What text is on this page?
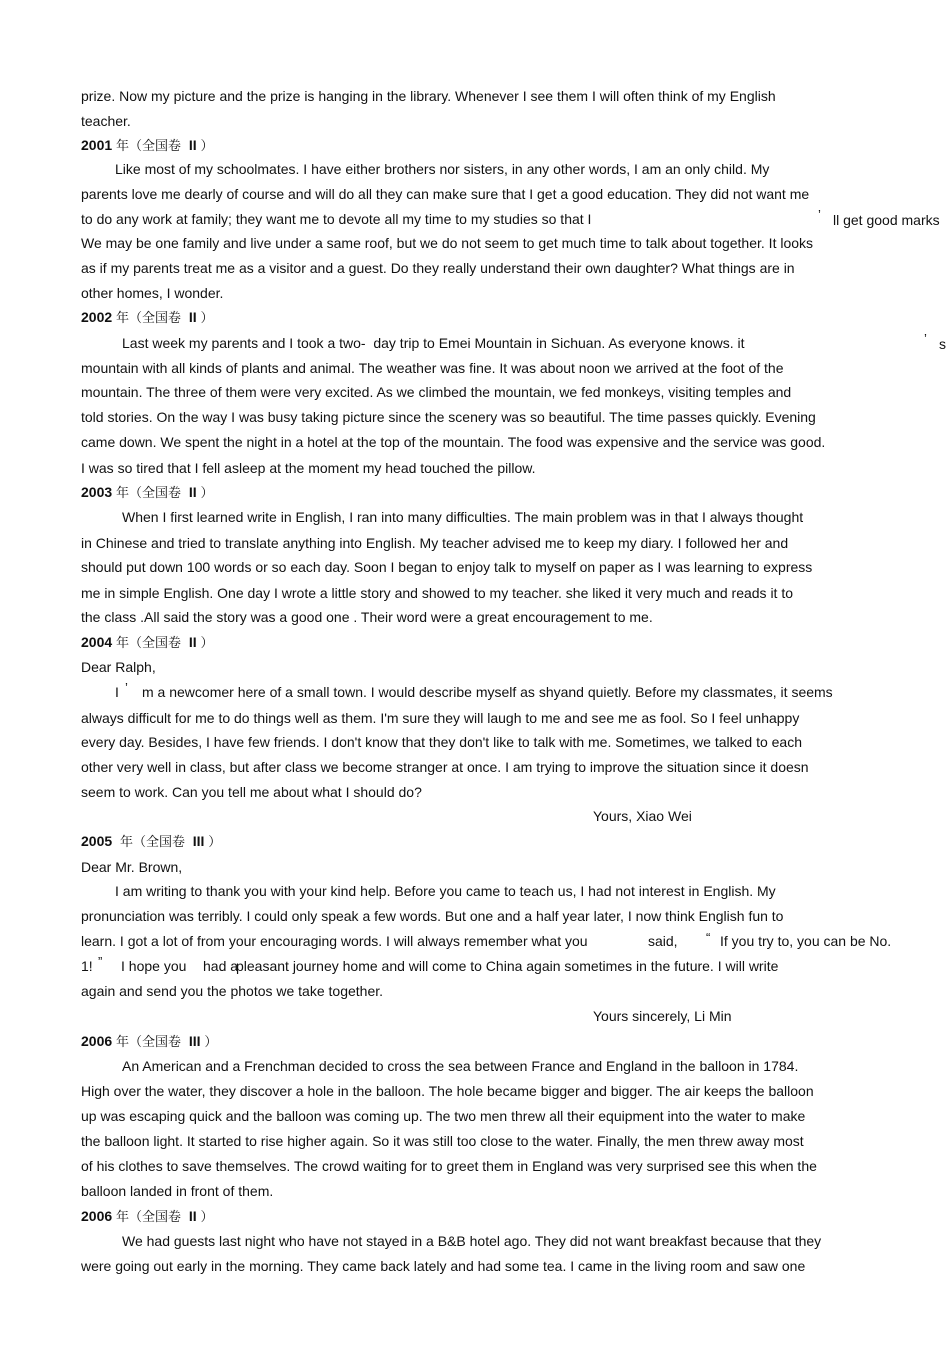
prize. Now my picture and the prize is hanging in the library. Whenever I see them I will often think of my English
teacher.
2001 年（全国卷 II ）
Like most of my schoolmates. I have either brothers nor sisters, in any other words, I am an only child. My
parents love me dearly of course and will do all they can make sure that I get a good education. They did not want me
to do any work at family; they want me to devote all my time to my studies so that I	’ ll get good marks
We may be one family and live under a same roof, but we do not seem to get much time to talk about together. It looks
as if my parents treat me as a visitor and a guest. Do they really understand their own daughter? What things are in
other homes, I wonder.
2002 年（全国卷 II ）
Last week my parents and I took a two-  day trip to Emei Mountain in Sichuan. As everyone knows. it	’ s
mountain with all kinds of plants and animal. The weather was fine. It was about noon we arrived at the foot of the
mountain. The three of them were very excited. As we climbed the mountain, we fed monkeys, visiting temples and
told stories. On the way I was busy taking picture since the scenery was so beautiful. The time passes quickly. Evening
came down. We spent the night in a hotel at the top of the mountain. The food was expensive and the service was good.
I was so tired that I fell asleep at the moment my head touched the pillow.
2003 年（全国卷 II ）
When I first learned write in English, I ran into many difficulties. The main problem was in that I always thought
in Chinese and tried to translate anything into English. My teacher advised me to keep my diary. I followed her and
should put down 100 words or so each day. Soon I began to enjoy talk to myself on paper as I was learning to express
me in simple English. One day I wrote a little story and showed to my teacher. she liked it very much and reads it to
the class .All said the story was a good one . Their word were a great encouragement to me.
2004 年（全国卷 II ）
Dear Ralph,
I ’ m a newcomer here of a small town. I would describe myself as shyand quietly. Before my classmates, it seems
always difficult for me to do things well as them. I'm sure they will laugh to me and see me as fool. So I feel unhappy
every day. Besides, I have few friends. I don't know that they don't like to talk with me. Sometimes, we talked to each
other very well in class, but after class we become stranger at once. I am trying to improve the situation since it doesn
seem to work. Can you tell me about what I should do?
Yours, Xiao Wei
2005 年（全国卷 III ）
Dear Mr. Brown,
I am writing to thank you with your kind help. Before you came to teach us, I had not interest in English. My
pronunciation was terribly. I could only speak a few words. But one and a half year later, I now think English fun to
learn. I got a lot of from your encouraging words. I will always remember what you	said, “ If you try to, you can be No.
1! ” I hope you had a
pleasant journey home and will come to China again sometimes in the future. I will write
again and send you the photos we take together.
Yours sincerely, Li Min
2006 年（全国卷 III ）
An American and a Frenchman decided to cross the sea between France and England in the balloon in 1784.
High over the water, they discover a hole in the balloon. The hole became bigger and bigger. The air keeps the balloon
up was escaping quick and the balloon was coming up. The two men threw all their equipment into the water to make
the balloon light. It started to rise higher again. So it was still too close to the water. Finally, the men threw away most
of his clothes to save themselves. The crowd waiting for to greet them in England was very surprised see this when the
balloon landed in front of them.
2006 年（全国卷 II ）
We had guests last night who have not stayed in a B&B hotel ago. They did not want breakfast because that they
were going out early in the morning. They came back lately and had some tea. I came in the living room and saw one
